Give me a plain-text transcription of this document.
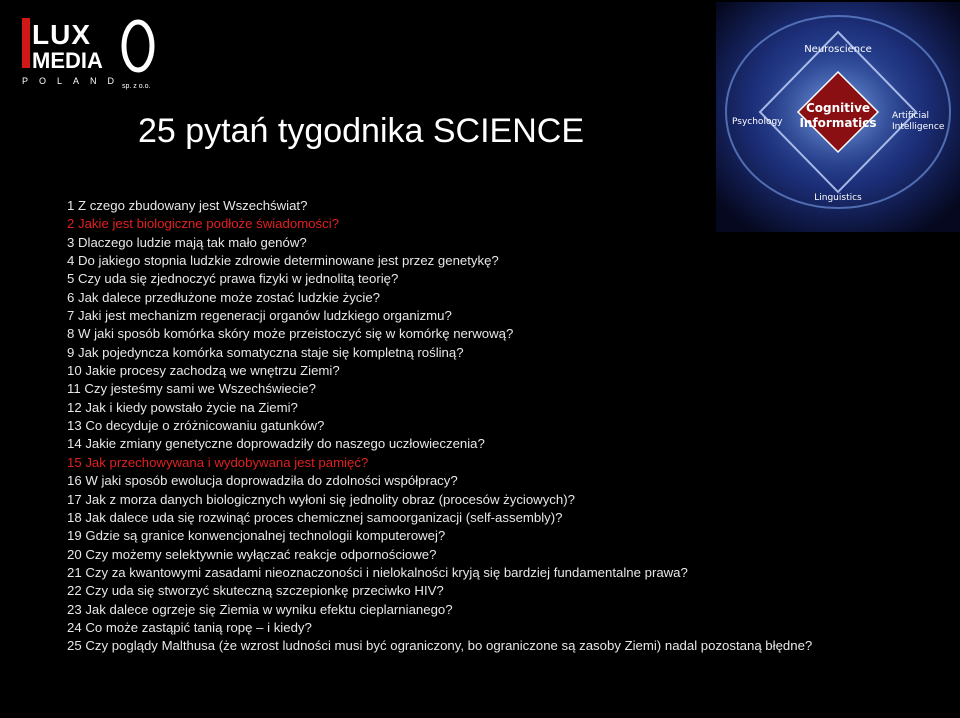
LUX
MEDIA
POLAND
sp. z o.o.
Neuroscience
Psychology
Artificial
Intelligence
Linguistics
Cognitive
Informatics
25 pytań tygodnika SCIENCE
1 Z czego zbudowany jest Wszechświat?
2 Jakie jest biologiczne podłoże świadomości?
3 Dlaczego ludzie mają tak mało genów?
4 Do jakiego stopnia ludzkie zdrowie determinowane jest przez genetykę?
5 Czy uda się zjednoczyć prawa fizyki w jednolitą teorię?
6 Jak dalece przedłużone może zostać ludzkie życie?
7 Jaki jest mechanizm regeneracji organów ludzkiego organizmu?
8 W jaki sposób komórka skóry może przeistoczyć się w komórkę nerwową?
9 Jak pojedyncza komórka somatyczna staje się kompletną rośliną?
10 Jakie procesy zachodzą we wnętrzu Ziemi?
11 Czy jesteśmy sami we Wszechświecie?
12 Jak i kiedy powstało życie na Ziemi?
13 Co decyduje o zróżnicowaniu gatunków?
14 Jakie zmiany genetyczne doprowadziły do naszego uczłowieczenia?
15 Jak przechowywana i wydobywana jest pamięć?
16 W jaki sposób ewolucja doprowadziła do zdolności współpracy?
17 Jak z morza danych biologicznych wyłoni się jednolity obraz (procesów życiowych)?
18 Jak dalece uda się rozwinąć proces chemicznej samoorganizacji (self-assembly)?
19 Gdzie są granice konwencjonalnej technologii komputerowej?
20 Czy możemy selektywnie wyłączać reakcje odpornościowe?
21 Czy za kwantowymi zasadami nieoznaczoności i nielokalności kryją się bardziej fundamentalne prawa?
22 Czy uda się stworzyć skuteczną szczepionkę przeciwko HIV?
23 Jak dalece ogrzeje się Ziemia w wyniku efektu cieplarnianego?
24 Co może zastąpić tanią ropę – i kiedy?
25 Czy poglądy Malthusa (że wzrost ludności musi być ograniczony, bo ograniczone są zasoby Ziemi) nadal pozostaną błędne?
